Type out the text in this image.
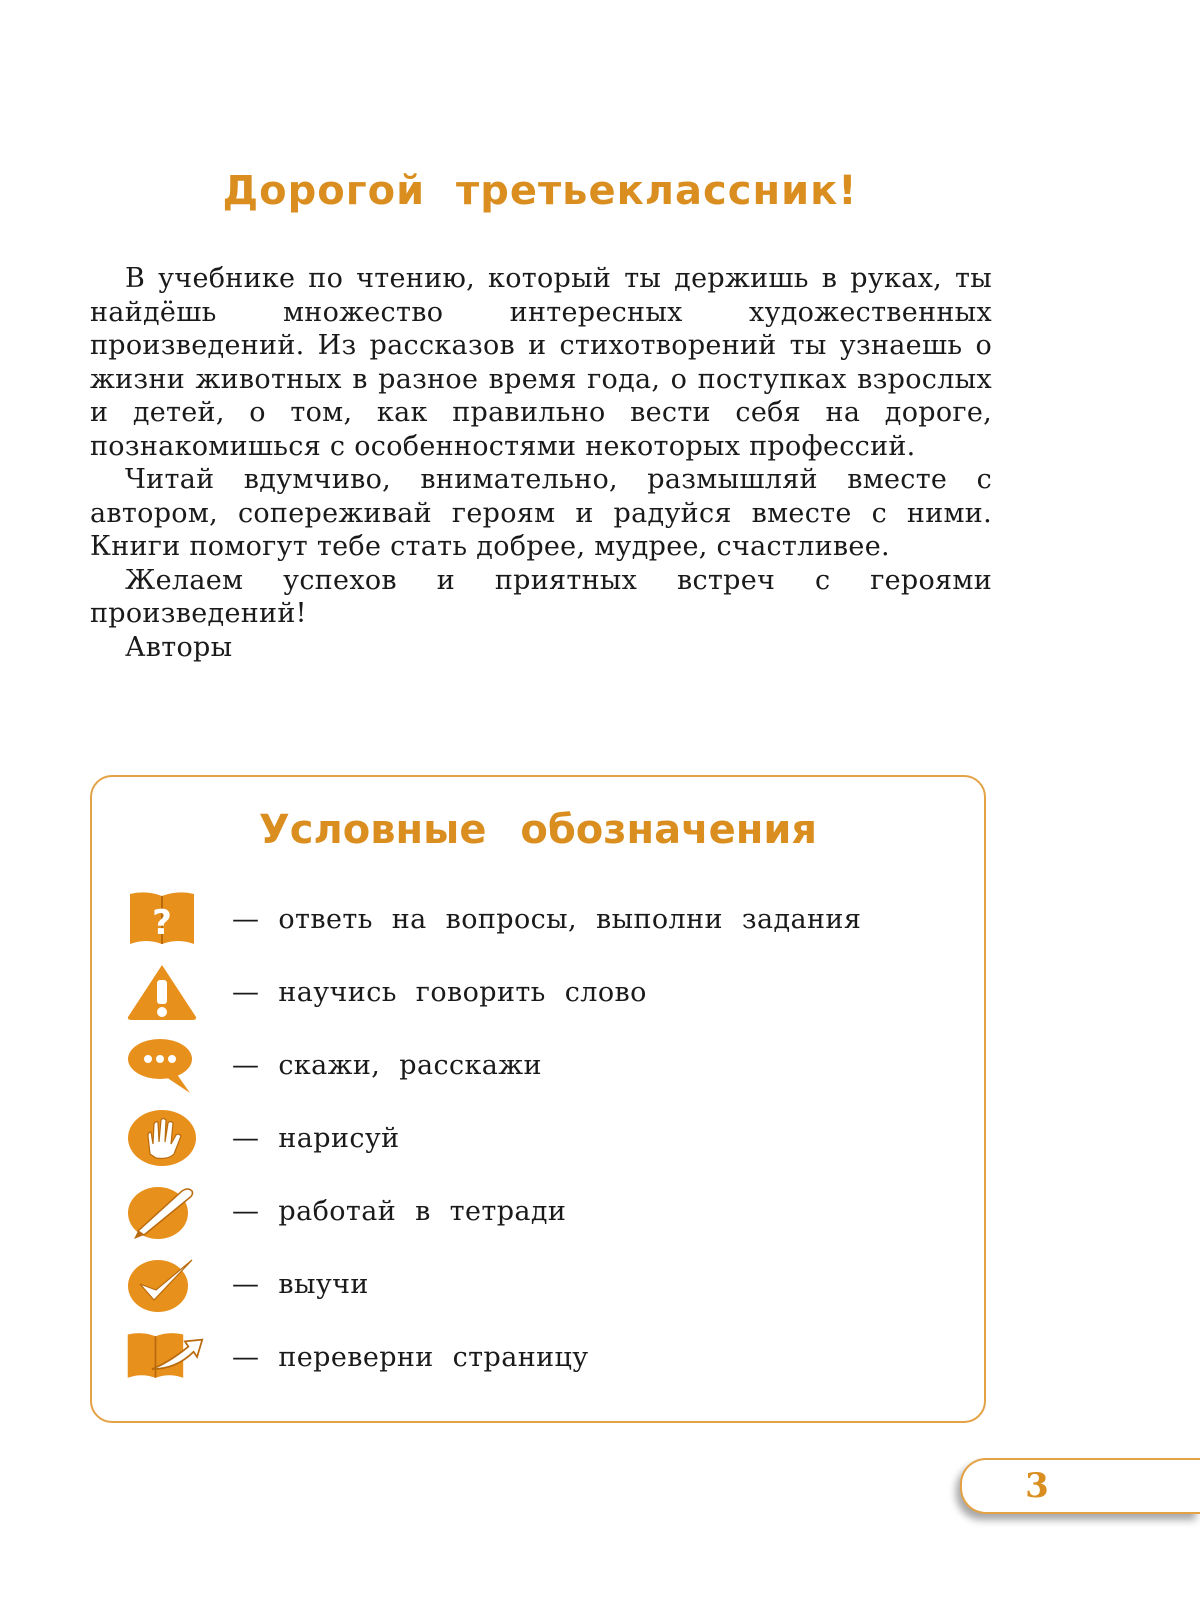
Дорогой третьеклассник!

В учебнике по чтению, который ты держишь в руках, ты найдёшь множество интересных художественных произведений. Из рассказов и стихотворений ты узнаешь о жизни животных в разное время года, о поступках взрослых и детей, о том, как правильно вести себя на дороге, познакомишься с особенностями некоторых профессий.

Читай вдумчиво, внимательно, размышляй вместе с автором, сопереживай героям и радуйся вместе с ними. Книги помогут тебе стать добрее, мудрее, счастливее.

Желаем успехов и приятных встреч с героями произведений!

Авторы

Условные обозначения
? — ответь на вопросы, выполни задания
— научись говорить слово
— скажи, расскажи
— нарисуй
— работай в тетради
— выучи
— переверни страницу
3
